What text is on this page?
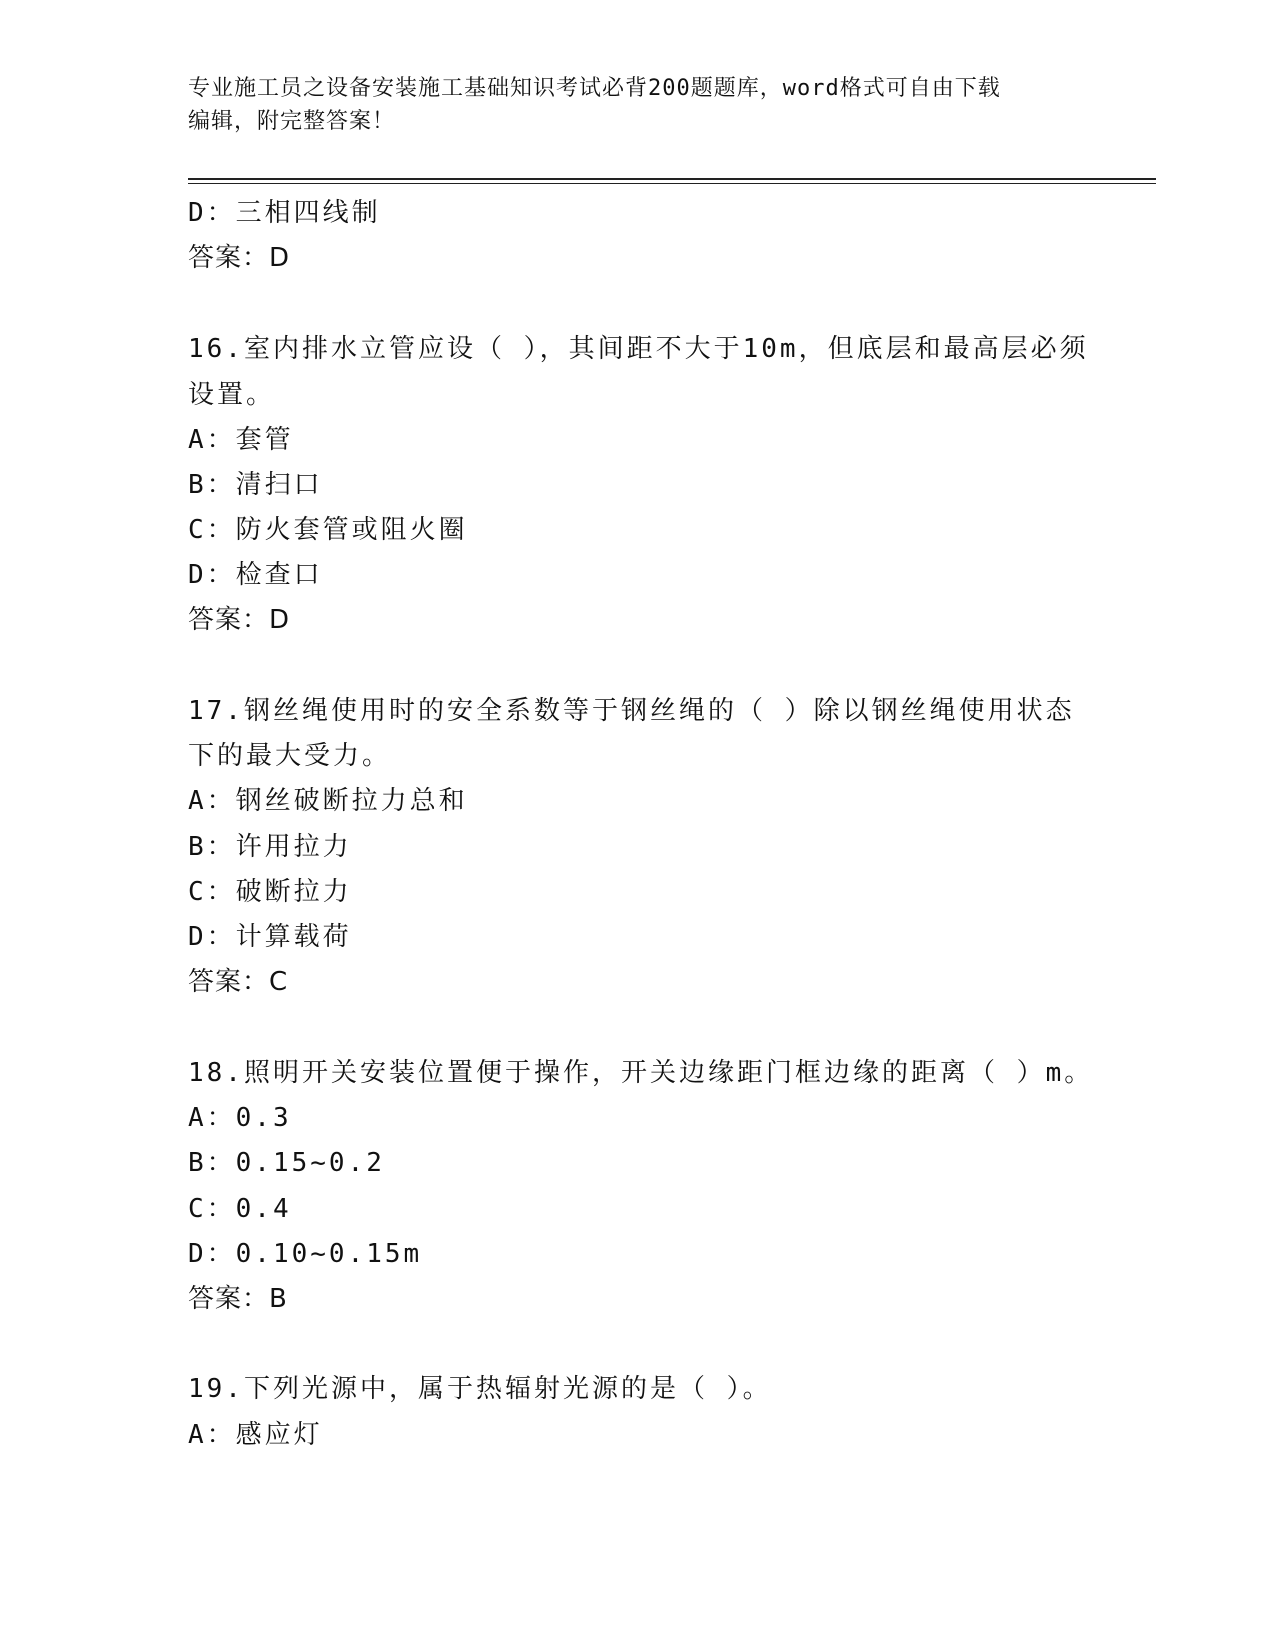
专业施工员之设备安装施工基础知识考试必背200题题库，word格式可自由下载
编辑，附完整答案！
D：三相四线制
答案：D
16.室内排水立管应设（ ），其间距不大于10m，但底层和最高层必须
设置。
A：套管
B：清扫口
C：防火套管或阻火圈
D：检查口
答案：D
17.钢丝绳使用时的安全系数等于钢丝绳的（ ）除以钢丝绳使用状态
下的最大受力。
A：钢丝破断拉力总和
B：许用拉力
C：破断拉力
D：计算载荷
答案：C
18.照明开关安装位置便于操作，开关边缘距门框边缘的距离（ ）m。
A：0.3
B：0.15~0.2
C：0.4
D：0.10~0.15m
答案：B
19.下列光源中，属于热辐射光源的是（ ）。
A：感应灯
